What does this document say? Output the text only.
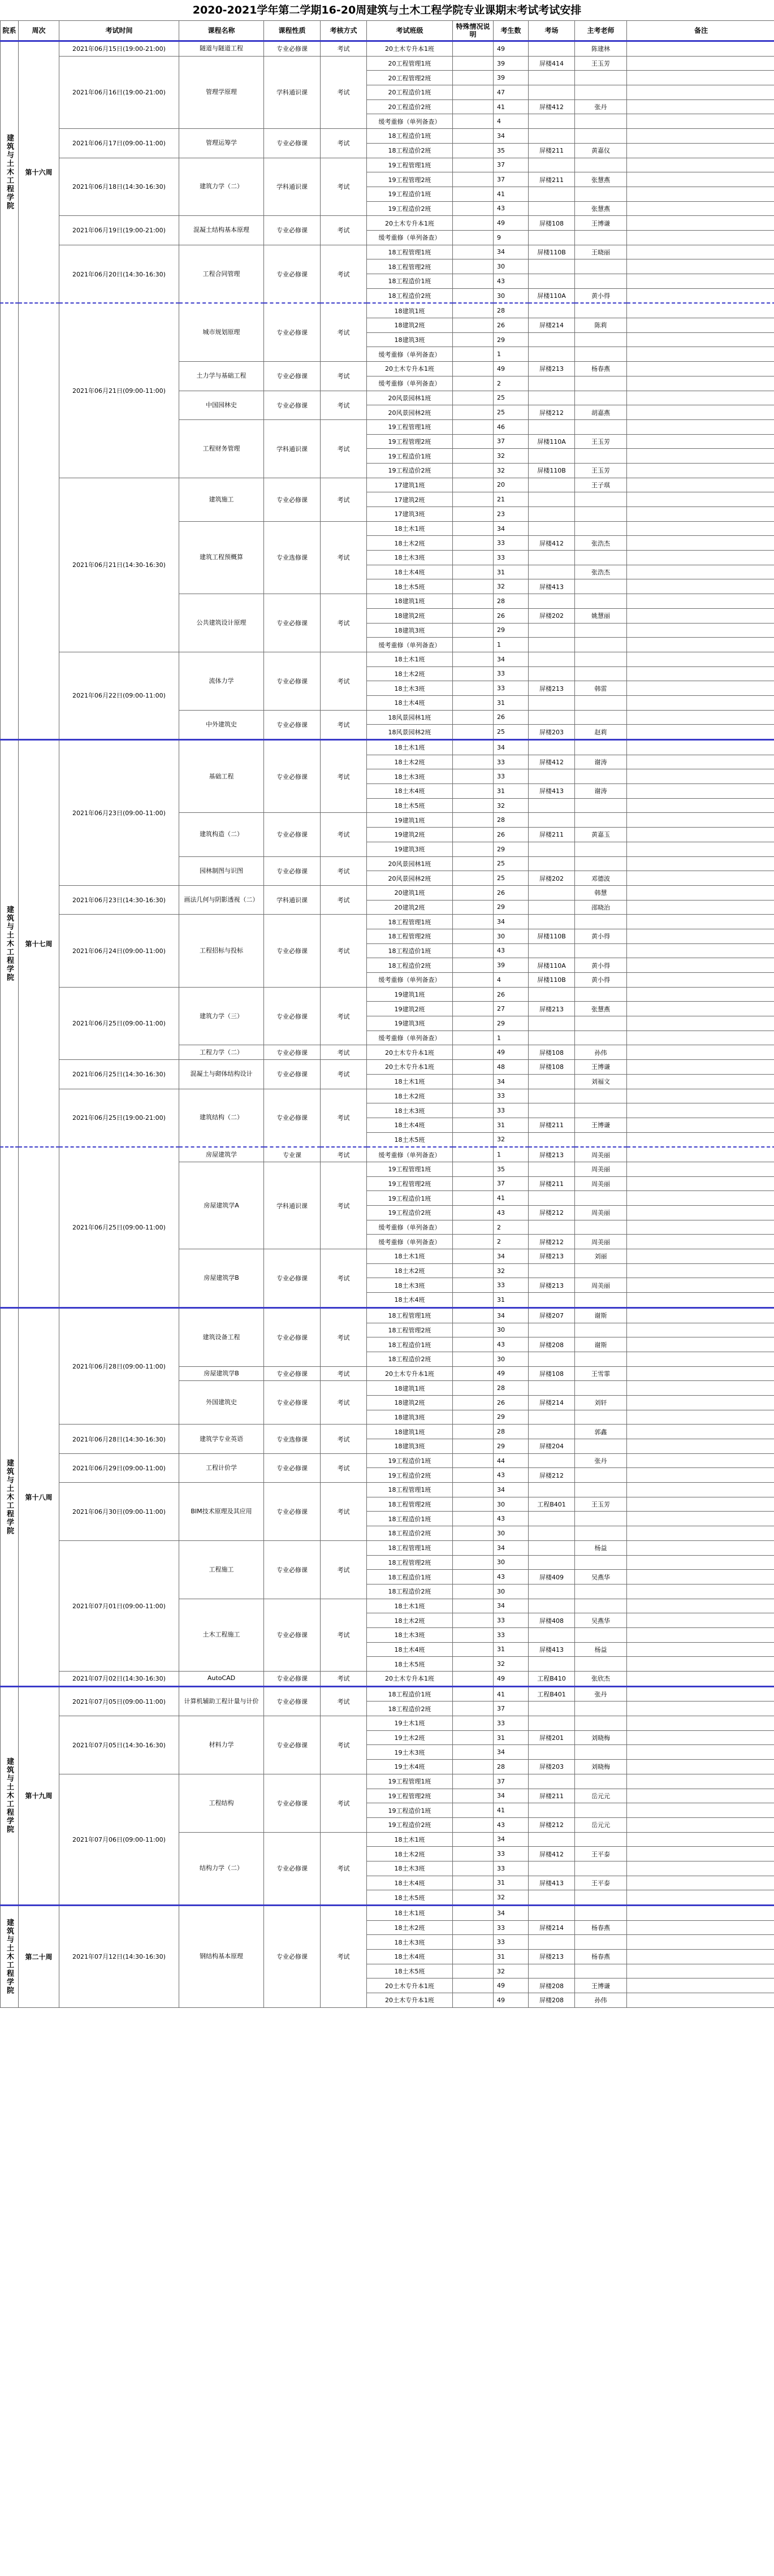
2020-2021学年第二学期16-20周建筑与土木工程学院专业课期末考试考试安排
院系	周次	考试时间	课程名称	课程性质	考核方式	考试班级	特殊情况说明	考生数	考场	主考老师	备注
建筑与土木工程学院	第十六周	2021年06月15日(19:00-21:00)	隧道与隧道工程	专业必修课	考试	20土木专升本1班		49		陈建林	
		2021年06月16日(19:00-21:00)	管理学原理	学科通识课	考试	20工程管理1班		39	屏楼414	王玉芳	
						20工程管理2班		39			
						20工程造价1班		47			
						20工程造价2班		41	屏楼412	张丹	
						缓考重修（单列备查）		4			
		2021年06月17日(09:00-11:00)	管理运筹学	专业必修课	考试	18工程造价1班		34			
						18工程造价2班		35	屏楼211	黄嘉仪	
		2021年06月18日(14:30-16:30)	建筑力学（二）	学科通识课	考试	19工程管理1班		37			
						19工程管理2班		37	屏楼211	张慧燕	
						19工程造价1班		41			
						19工程造价2班		43		张慧燕	
		2021年06月19日(19:00-21:00)	混凝土结构基本原理	专业必修课	考试	20土木专升本1班		49	屏楼108	王博谦	
						缓考重修（单列备查）		9			
		2021年06月20日(14:30-16:30)	工程合同管理	专业必修课	考试	18工程管理1班		34	屏楼110B	王晓丽	
						18工程管理2班		30			
						18工程造价1班		43			
						18工程造价2班		30	屏楼110A	黄小得	
		2021年06月21日(09:00-11:00)	城市规划原理	专业必修课	考试	18建筑1班		28			
						18建筑2班		26	屏楼214	陈莉	
						18建筑3班		29			
						缓考重修（单列备查）		1			
			土力学与基础工程	专业必修课	考试	20土木专升本1班		49	屏楼213	杨春燕	
						缓考重修（单列备查）		2			
			中国园林史	专业必修课	考试	20风景园林1班		25			
						20风景园林2班		25	屏楼212	胡嘉燕	
			工程财务管理	学科通识课	考试	19工程管理1班		46			
						19工程管理2班		37	屏楼110A	王玉芳	
						19工程造价1班		32			
						19工程造价2班		32	屏楼110B	王玉芳	
		2021年06月21日(14:30-16:30)	建筑施工	专业必修课	考试	17建筑1班		20		王子琪	
						17建筑2班		21			
						17建筑3班		23			
			建筑工程预概算	专业选修课	考试	18土木1班		34			
						18土木2班		33	屏楼412	张浩杰	
						18土木3班		33			
						18土木4班		31		张浩杰	
						18土木5班		32	屏楼413		
			公共建筑设计原理	专业必修课	考试	18建筑1班		28			
						18建筑2班		26	屏楼202	姚慧丽	
						18建筑3班		29			
						缓考重修（单列备查）		1			
		2021年06月22日(09:00-11:00)	流体力学	专业必修课	考试	18土木1班		34			
						18土木2班		33			
						18土木3班		33	屏楼213	韩雷	
						18土木4班		31			
			中外建筑史	专业必修课	考试	18风景园林1班		26			
						18风景园林2班		25	屏楼203	赵莉	
建筑与土木工程学院	第十七周	2021年06月23日(09:00-11:00)	基础工程	专业必修课	考试	18土木1班		34			
						18土木2班		33	屏楼412	谢涛	
						18土木3班		33			
						18土木4班		31	屏楼413	谢涛	
						18土木5班		32			
			建筑构造（二）	专业必修课	考试	19建筑1班		28			
						19建筑2班		26	屏楼211	黄嘉玉	
						19建筑3班		29			
			园林制图与识图	专业必修课	考试	20风景园林1班		25			
						20风景园林2班		25	屏楼202	邓德波	
		2021年06月23日(14:30-16:30)	画法几何与阴影透视（二）	学科通识课	考试	20建筑1班		26		韩慧	
						20建筑2班		29		邵晓治	
		2021年06月24日(09:00-11:00)	工程招标与投标	专业必修课	考试	18工程管理1班		34			
						18工程管理2班		30	屏楼110B	黄小得	
						18工程造价1班		43			
						18工程造价2班		39	屏楼110A	黄小得	
						缓考重修（单列备查）		4	屏楼110B	黄小得	
		2021年06月25日(09:00-11:00)	建筑力学（三）	专业必修课	考试	19建筑1班		26			
						19建筑2班		27	屏楼213	张慧燕	
						19建筑3班		29			
						缓考重修（单列备查）		1			
			工程力学（二）	专业必修课	考试	20土木专升本1班		49	屏楼108	孙伟	
		2021年06月25日(14:30-16:30)	混凝土与砌体结构设计	专业必修课	考试	20土木专升本1班		48	屏楼108	王博谦	
						18土木1班		34		刘福文	
		2021年06月25日(19:00-21:00)	建筑结构（二）	专业必修课	考试	18土木2班		33			
						18土木3班		33			
						18土木4班		31	屏楼211	王博谦	
						18土木5班		32			
		2021年06月25日(09:00-11:00)	房屋建筑学	专业课	考试	缓考重修（单列备查）		1	屏楼213	周美丽	
			房屋建筑学A	学科通识课	考试	19工程管理1班		35		周美丽	
						19工程管理2班		37	屏楼211	周美丽	
						19工程造价1班		41			
						19工程造价2班		43	屏楼212	周美丽	
						缓考重修（单列备查）		2			
						缓考重修（单列备查）		2	屏楼212	周美丽	
			房屋建筑学B	专业必修课	考试	18土木1班		34	屏楼213	刘丽	
						18土木2班		32			
						18土木3班		33	屏楼213	周美丽	
						18土木4班		31			
建筑与土木工程学院	第十八周	2021年06月28日(09:00-11:00)	建筑设备工程	专业必修课	考试	18工程管理1班		34	屏楼207	谢斯	
						18工程管理2班		30			
						18工程造价1班		43	屏楼208	谢斯	
						18工程造价2班		30			
			房屋建筑学B	专业必修课	考试	20土木专升本1班		49	屏楼108	王雪霏	
			外国建筑史	专业必修课	考试	18建筑1班		28			
						18建筑2班		26	屏楼214	刘轩	
						18建筑3班		29			
		2021年06月28日(14:30-16:30)	建筑学专业英语	专业选修课	考试	18建筑1班		28		郭鑫	
						18建筑3班		29	屏楼204		
		2021年06月29日(09:00-11:00)	工程计价学	专业必修课	考试	19工程造价1班		44		张丹	
						19工程造价2班		43	屏楼212		
		2021年06月30日(09:00-11:00)	BIM技术原理及其应用	专业必修课	考试	18工程管理1班		34			
						18工程管理2班		30	工程B401	王玉芳	
						18工程造价1班		43			
						18工程造价2班		30			
		2021年07月01日(09:00-11:00)	工程施工	专业必修课	考试	18工程管理1班		34		杨益	
						18工程管理2班		30			
						18工程造价1班		43	屏楼409	吴燕华	
						18工程造价2班		30			
			土木工程施工	专业必修课	考试	18土木1班		34			
						18土木2班		33	屏楼408	吴燕华	
						18土木3班		33			
						18土木4班		31	屏楼413	杨益	
						18土木5班		32			
		2021年07月02日(14:30-16:30)	AutoCAD	专业必修课	考试	20土木专升本1班		49	工程B410	张欣杰	
建筑与土木工程学院	第十九周	2021年07月05日(09:00-11:00)	计算机辅助工程计量与计价	专业必修课	考试	18工程造价1班		41	工程B401	张丹	
						18工程造价2班		37			
		2021年07月05日(14:30-16:30)	材料力学	专业必修课	考试	19土木1班		33			
						19土木2班		31	屏楼201	刘晓梅	
						19土木3班		34			
						19土木4班		28	屏楼203	刘晓梅	
		2021年07月06日(09:00-11:00)	工程结构	专业必修课	考试	19工程管理1班		37			
						19工程管理2班		34	屏楼211	岳元元	
						19工程造价1班		41			
						19工程造价2班		43	屏楼212	岳元元	
			结构力学（二）	专业必修课	考试	18土木1班		34			
						18土木2班		33	屏楼412	王平泰	
						18土木3班		33			
						18土木4班		31	屏楼413	王平泰	
						18土木5班		32			
建筑与土木工程学院	第二十周	2021年07月12日(14:30-16:30)	钢结构基本原理	专业必修课	考试	18土木1班		34			
						18土木2班		33	屏楼214	杨春燕	
						18土木3班		33			
						18土木4班		31	屏楼213	杨春燕	
						18土木5班		32			
						20土木专升本1班		49	屏楼208	王博谦	
						20土木专升本1班		49	屏楼208	孙伟	
